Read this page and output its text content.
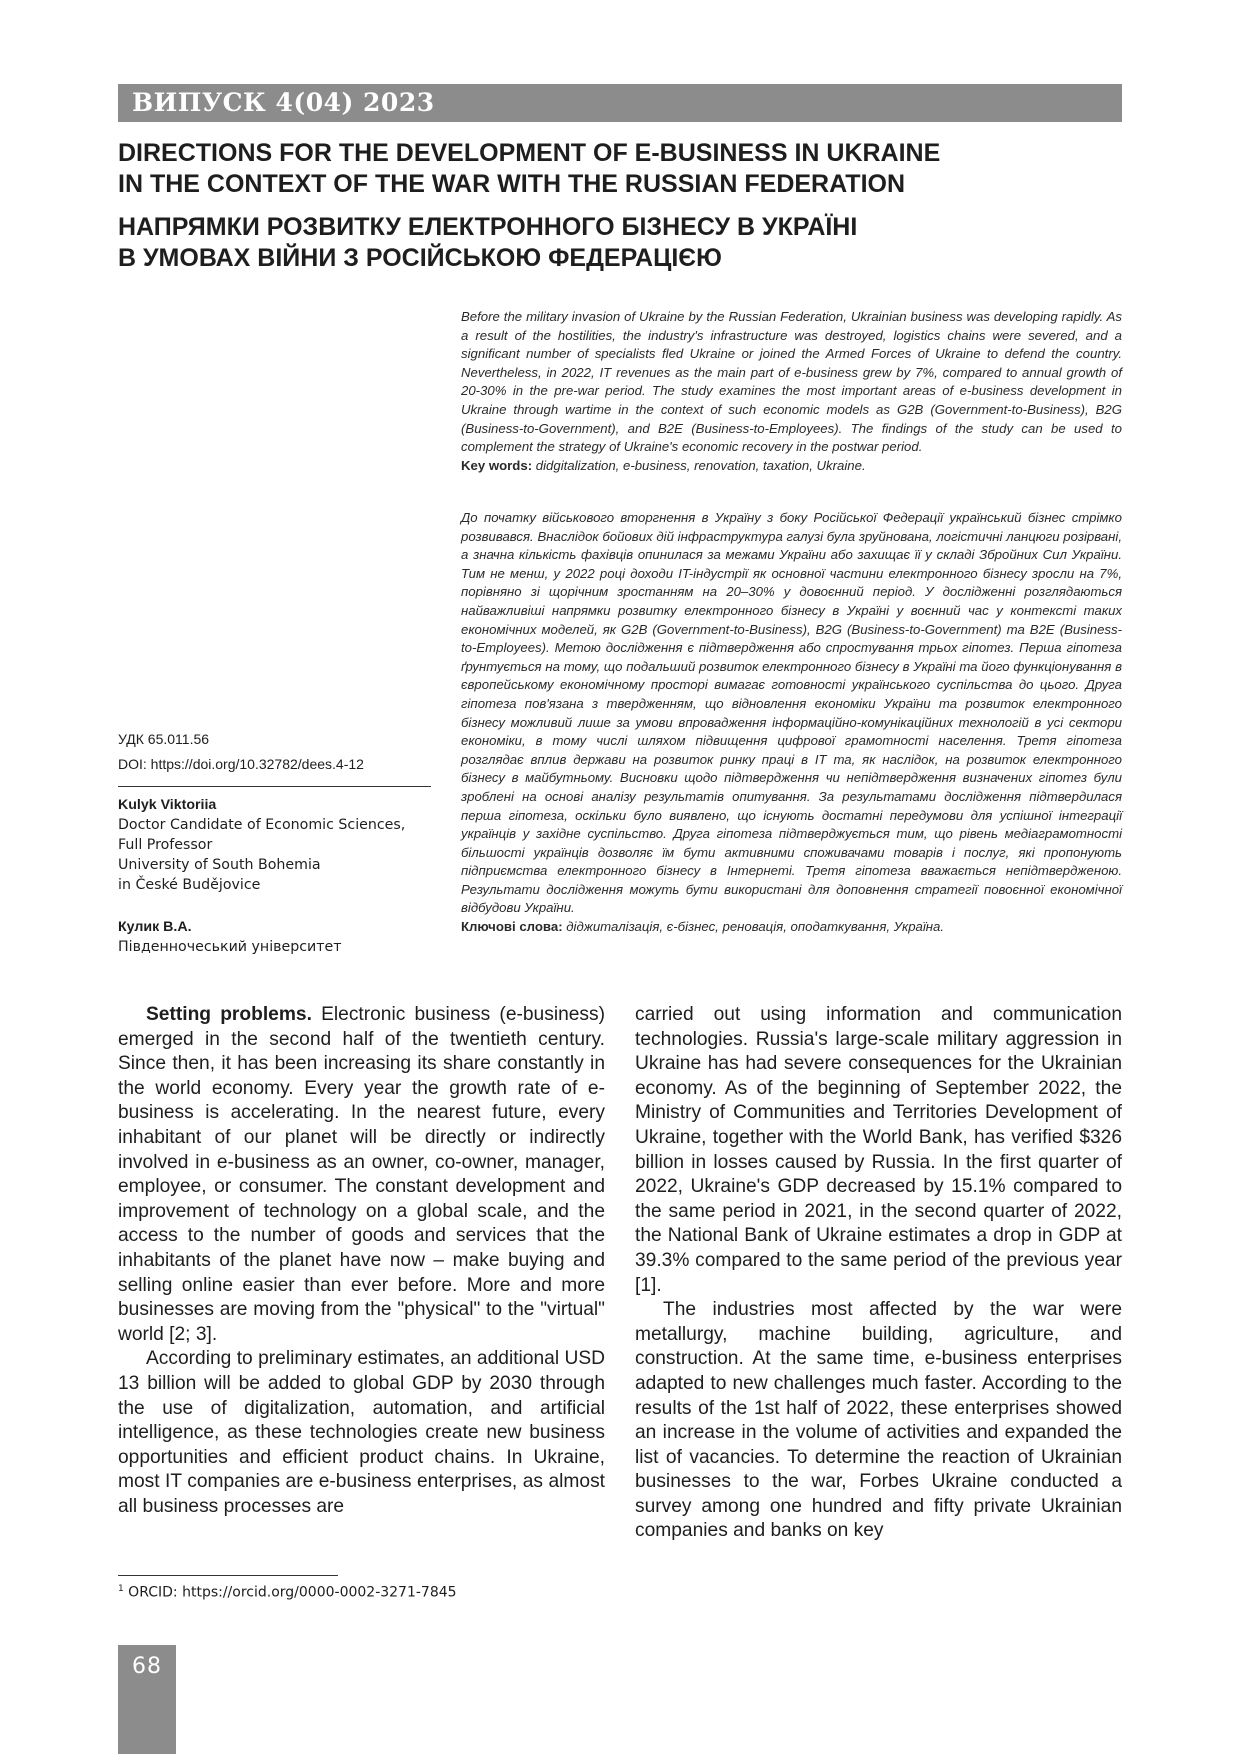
ВИПУСК 4(04) 2023
DIRECTIONS FOR THE DEVELOPMENT OF E-BUSINESS IN UKRAINE
IN THE CONTEXT OF THE WAR WITH THE RUSSIAN FEDERATION
НАПРЯМКИ РОЗВИТКУ ЕЛЕКТРОННОГО БІЗНЕСУ В УКРАЇНІ
В УМОВАХ ВІЙНИ З РОСІЙСЬКОЮ ФЕДЕРАЦІЄЮ

Before the military invasion of Ukraine by the Russian Federation, Ukrainian business was developing rapidly. As a result of the hostilities, the industry's infrastructure was destroyed, logistics chains were severed, and a significant number of specialists fled Ukraine or joined the Armed Forces of Ukraine to defend the country. Nevertheless, in 2022, IT revenues as the main part of e-business grew by 7%, compared to annual growth of 20-30% in the pre-war period. The study examines the most important areas of e-business development in Ukraine through wartime in the context of such economic models as G2B (Government-to-Business), B2G (Business-to-Government), and B2E (Business-to-Employees). The findings of the study can be used to complement the strategy of Ukraine's economic recovery in the postwar period.

Key words: didgitalization, e-business, renovation, taxation, Ukraine.

До початку військового вторгнення в Україну з боку Російської Федерації український бізнес стрімко розвивався. Внаслідок бойових дій інфраструктура галузі була зруйнована, логістичні ланцюги розірвані, а значна кількість фахівців опинилася за межами України або захищає її у складі Збройних Сил України. Тим не менш, у 2022 році доходи IT-індустрії як основної частини електронного бізнесу зросли на 7%, порівняно зі щорічним зростанням на 20–30% у довоєнний період. У дослідженні розглядаються найважливіші напрямки розвитку електронного бізнесу в Україні у воєнний час у контексті таких економічних моделей, як G2B (Government-to-Business), B2G (Business-to-Government) та B2E (Business-to-Employees). Метою дослідження є підтвердження або спростування трьох гіпотез. Перша гіпотеза ґрунтується на тому, що подальший розвиток електронного бізнесу в Україні та його функціонування в європейському економічному просторі вимагає готовності українського суспільства до цього. Друга гіпотеза пов'язана з твердженням, що відновлення економіки України та розвиток електронного бізнесу можливий лише за умови впровадження інформаційно-комунікаційних технологій в усі сектори економіки, в тому числі шляхом підвищення цифрової грамотності населення. Третя гіпотеза розглядає вплив держави на розвиток ринку праці в IT та, як наслідок, на розвиток електронного бізнесу в майбутньому. Висновки щодо підтвердження чи непідтвердження визначених гіпотез були зроблені на основі аналізу результатів опитування. За результатами дослідження підтвердилася перша гіпотеза, оскільки було виявлено, що існують достатні передумови для успішної інтеграції українців у західне суспільство. Друга гіпотеза підтверджується тим, що рівень медіаграмотності більшості українців дозволяє їм бути активними споживачами товарів і послуг, які пропонують підприємства електронного бізнесу в Інтернеті. Третя гіпотеза вважається непідтвердженою. Результати дослідження можуть бути використані для доповнення стратегії повоєнної економічної відбудови України.

Ключові слова: діджиталізація, є-бізнес, реновація, оподаткування, Україна.

УДК 65.011.56
DOI: https://doi.org/10.32782/dees.4-12
Kulyk Viktoriia
Doctor Candidate of Economic Sciences,
Full Professor
University of South Bohemia
in České Budějovice
Кулик В.А.
Південночеський університет

Setting problems. Electronic business (e-business) emerged in the second half of the twentieth century. Since then, it has been increasing its share constantly in the world economy. Every year the growth rate of e-business is accelerating. In the nearest future, every inhabitant of our planet will be directly or indirectly involved in e-business as an owner, co-owner, manager, employee, or consumer. The constant development and improvement of technology on a global scale, and the access to the number of goods and services that the inhabitants of the planet have now – make buying and selling online easier than ever before. More and more businesses are moving from the "physical" to the "virtual" world [2; 3].

According to preliminary estimates, an additional USD 13 billion will be added to global GDP by 2030 through the use of digitalization, automation, and artificial intelligence, as these technologies create new business opportunities and efficient product chains. In Ukraine, most IT companies are e-business enterprises, as almost all business processes are

carried out using information and communication technologies. Russia's large-scale military aggression in Ukraine has had severe consequences for the Ukrainian economy. As of the beginning of September 2022, the Ministry of Communities and Territories Development of Ukraine, together with the World Bank, has verified $326 billion in losses caused by Russia. In the first quarter of 2022, Ukraine's GDP decreased by 15.1% compared to the same period in 2021, in the second quarter of 2022, the National Bank of Ukraine estimates a drop in GDP at 39.3% compared to the same period of the previous year [1].

The industries most affected by the war were metallurgy, machine building, agriculture, and construction. At the same time, e-business enterprises adapted to new challenges much faster. According to the results of the 1st half of 2022, these enterprises showed an increase in the volume of activities and expanded the list of vacancies. To determine the reaction of Ukrainian businesses to the war, Forbes Ukraine conducted a survey among one hundred and fifty private Ukrainian companies and banks on key

$^1$ ORCID: https://orcid.org/0000-0002-3271-7845
68
